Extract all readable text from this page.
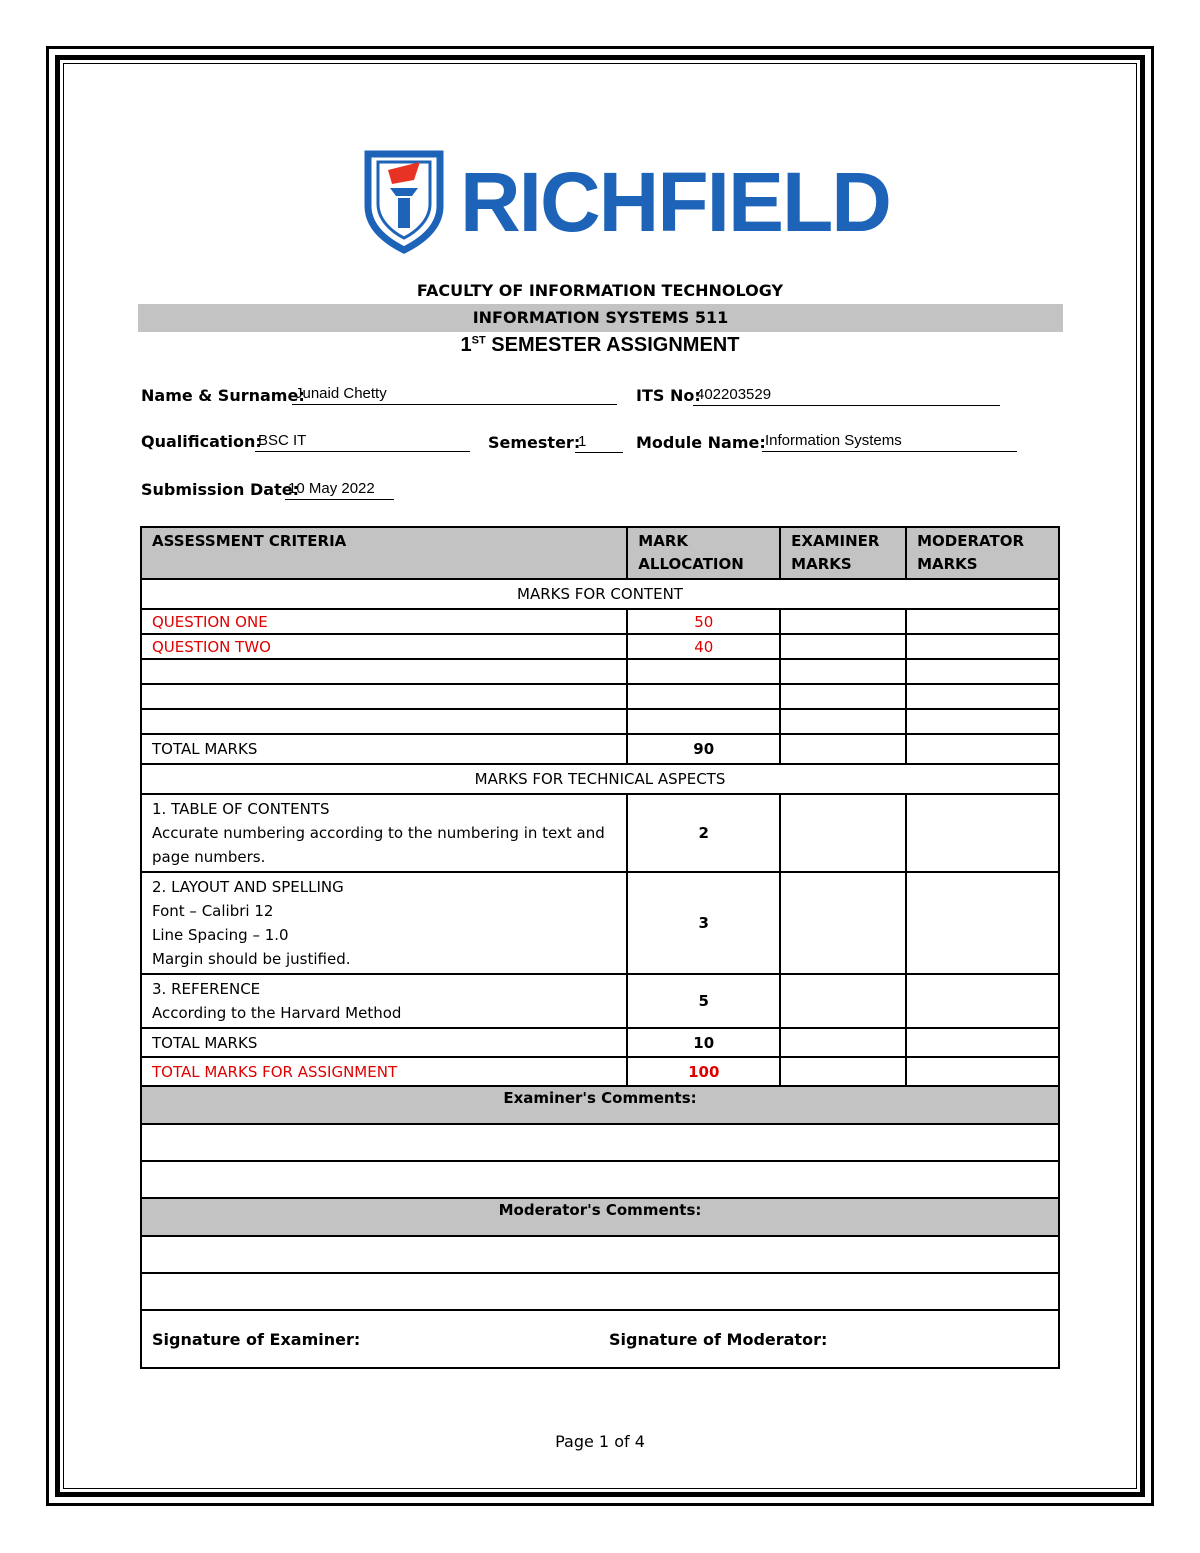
RICHFIELD
FACULTY OF INFORMATION TECHNOLOGY
INFORMATION SYSTEMS 511
1ST SEMESTER ASSIGNMENT
Name & Surname:
Junaid Chetty	ITS No:
402203529
Qualification:
BSC IT	Semester:
1	Module Name: Information Systems
Submission Date:
10 May 2022
ASSESSMENT CRITERIA	MARK ALLOCATION	EXAMINER MARKS	MODERATOR MARKS
MARKS FOR CONTENT			
QUESTION ONE	50		
QUESTION TWO	40		

TOTAL MARKS	90		
MARKS FOR TECHNICAL ASPECTS			

1. TABLE OF CONTENTS
Accurate numbering according to the numbering in text and page numbers.	2		

2. LAYOUT AND SPELLING
Font – Calibri 12
Line Spacing – 1.0
Margin should be justified.	3		

3. REFERENCE
According to the Harvard Method	5		
TOTAL MARKS	10		
TOTAL MARKS FOR ASSIGNMENT	100		
Examiner's Comments:			

Moderator's Comments:			

Signature of Examiner: Signature of Moderator:			
Page 1 of 4
